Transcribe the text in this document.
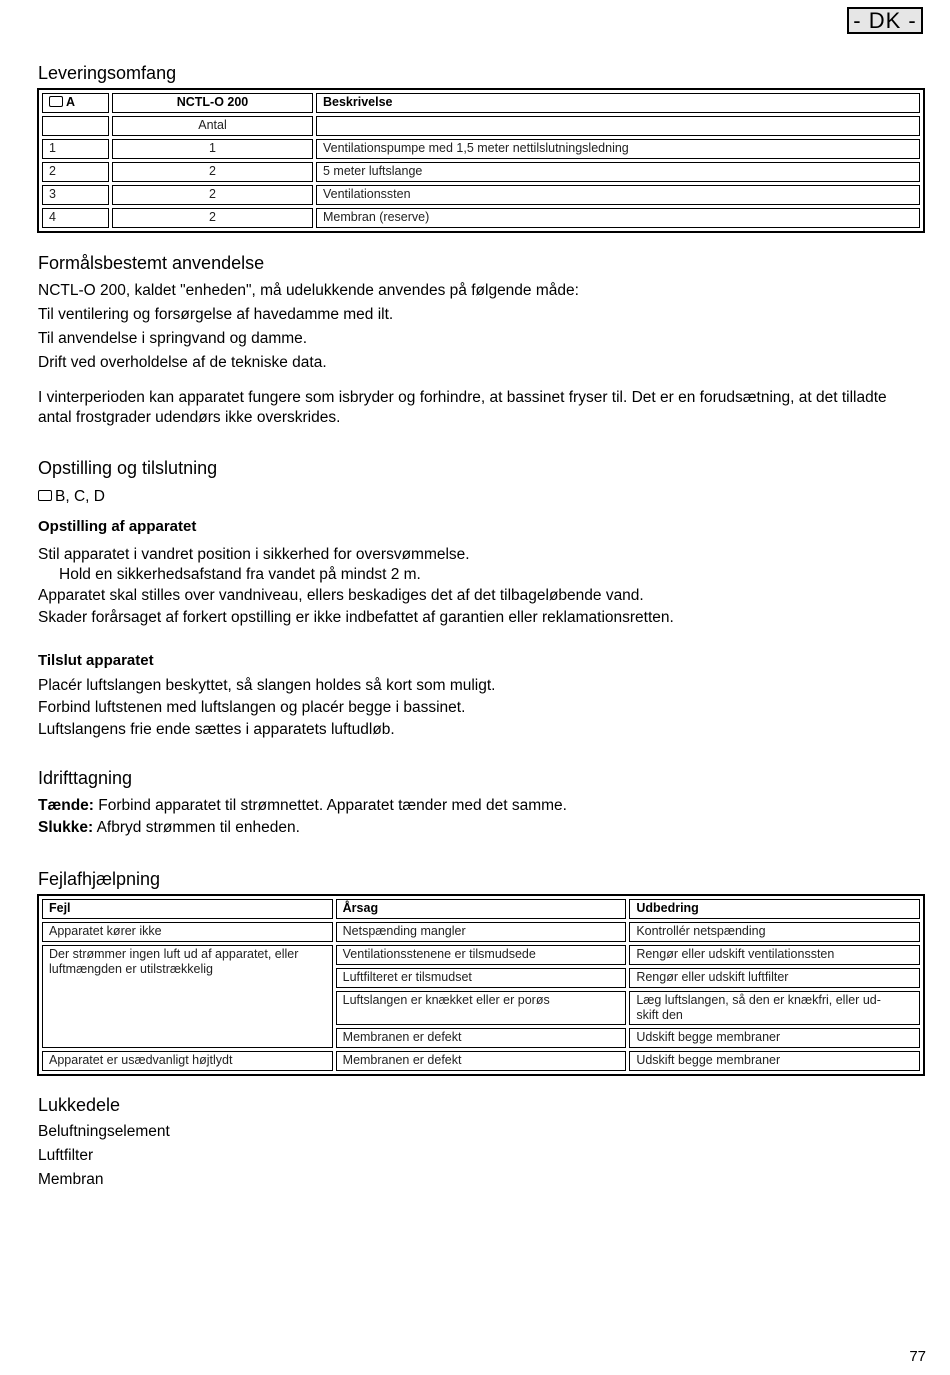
- DK -
Leveringsomfang
A	NCTL-O 200	Beskrivelse
	Antal	
1	1	Ventilationspumpe med 1,5 meter nettilslutningsledning
2	2	5 meter luftslange
3	2	Ventilationssten
4	2	Membran (reserve)
Formålsbestemt anvendelse

NCTL-O 200, kaldet "enheden", må udelukkende anvendes på følgende måde:

Til ventilering og forsørgelse af havedamme med ilt.

Til anvendelse i springvand og damme.

Drift ved overholdelse af de tekniske data.

I vinterperioden kan apparatet fungere som isbryder og forhindre, at bassinet fryser til. Det er en forudsætning, at det tilladte antal frostgrader udendørs ikke overskrides.

Opstilling og tilslutning

B, C, D

Opstilling af apparatet

Stil apparatet i vandret position i sikkerhed for oversvømmelse.

Hold en sikkerhedsafstand fra vandet på mindst 2 m.

Apparatet skal stilles over vandniveau, ellers beskadiges det af det tilbageløbende vand.

Skader forårsaget af forkert opstilling er ikke indbefattet af garantien eller reklamationsretten.

Tilslut apparatet

Placér luftslangen beskyttet, så slangen holdes så kort som muligt.

Forbind luftstenen med luftslangen og placér begge i bassinet.

Luftslangens frie ende sættes i apparatets luftudløb.

Idrifttagning

Tænde: Forbind apparatet til strømnettet. Apparatet tænder med det samme.

Slukke: Afbryd strømmen til enheden.

Fejlafhjælpning
Fejl	Årsag	Udbedring
Apparatet kører ikke	Netspænding mangler	Kontrollér netspænding
Der strømmer ingen luft ud af apparatet, eller luftmængden er utilstrækkelig	Ventilationsstenene er tilsmudsede	Rengør eller udskift ventilationssten
	Luftfilteret er tilsmudset	Rengør eller udskift luftfilter
	Luftslangen er knækket eller er porøs	Læg luftslangen, så den er knækfri, eller ud-skift den
	Membranen er defekt	Udskift begge membraner
Apparatet er usædvanligt højtlydt	Membranen er defekt	Udskift begge membraner
Lukkedele

Beluftningselement

Luftfilter

Membran

77
